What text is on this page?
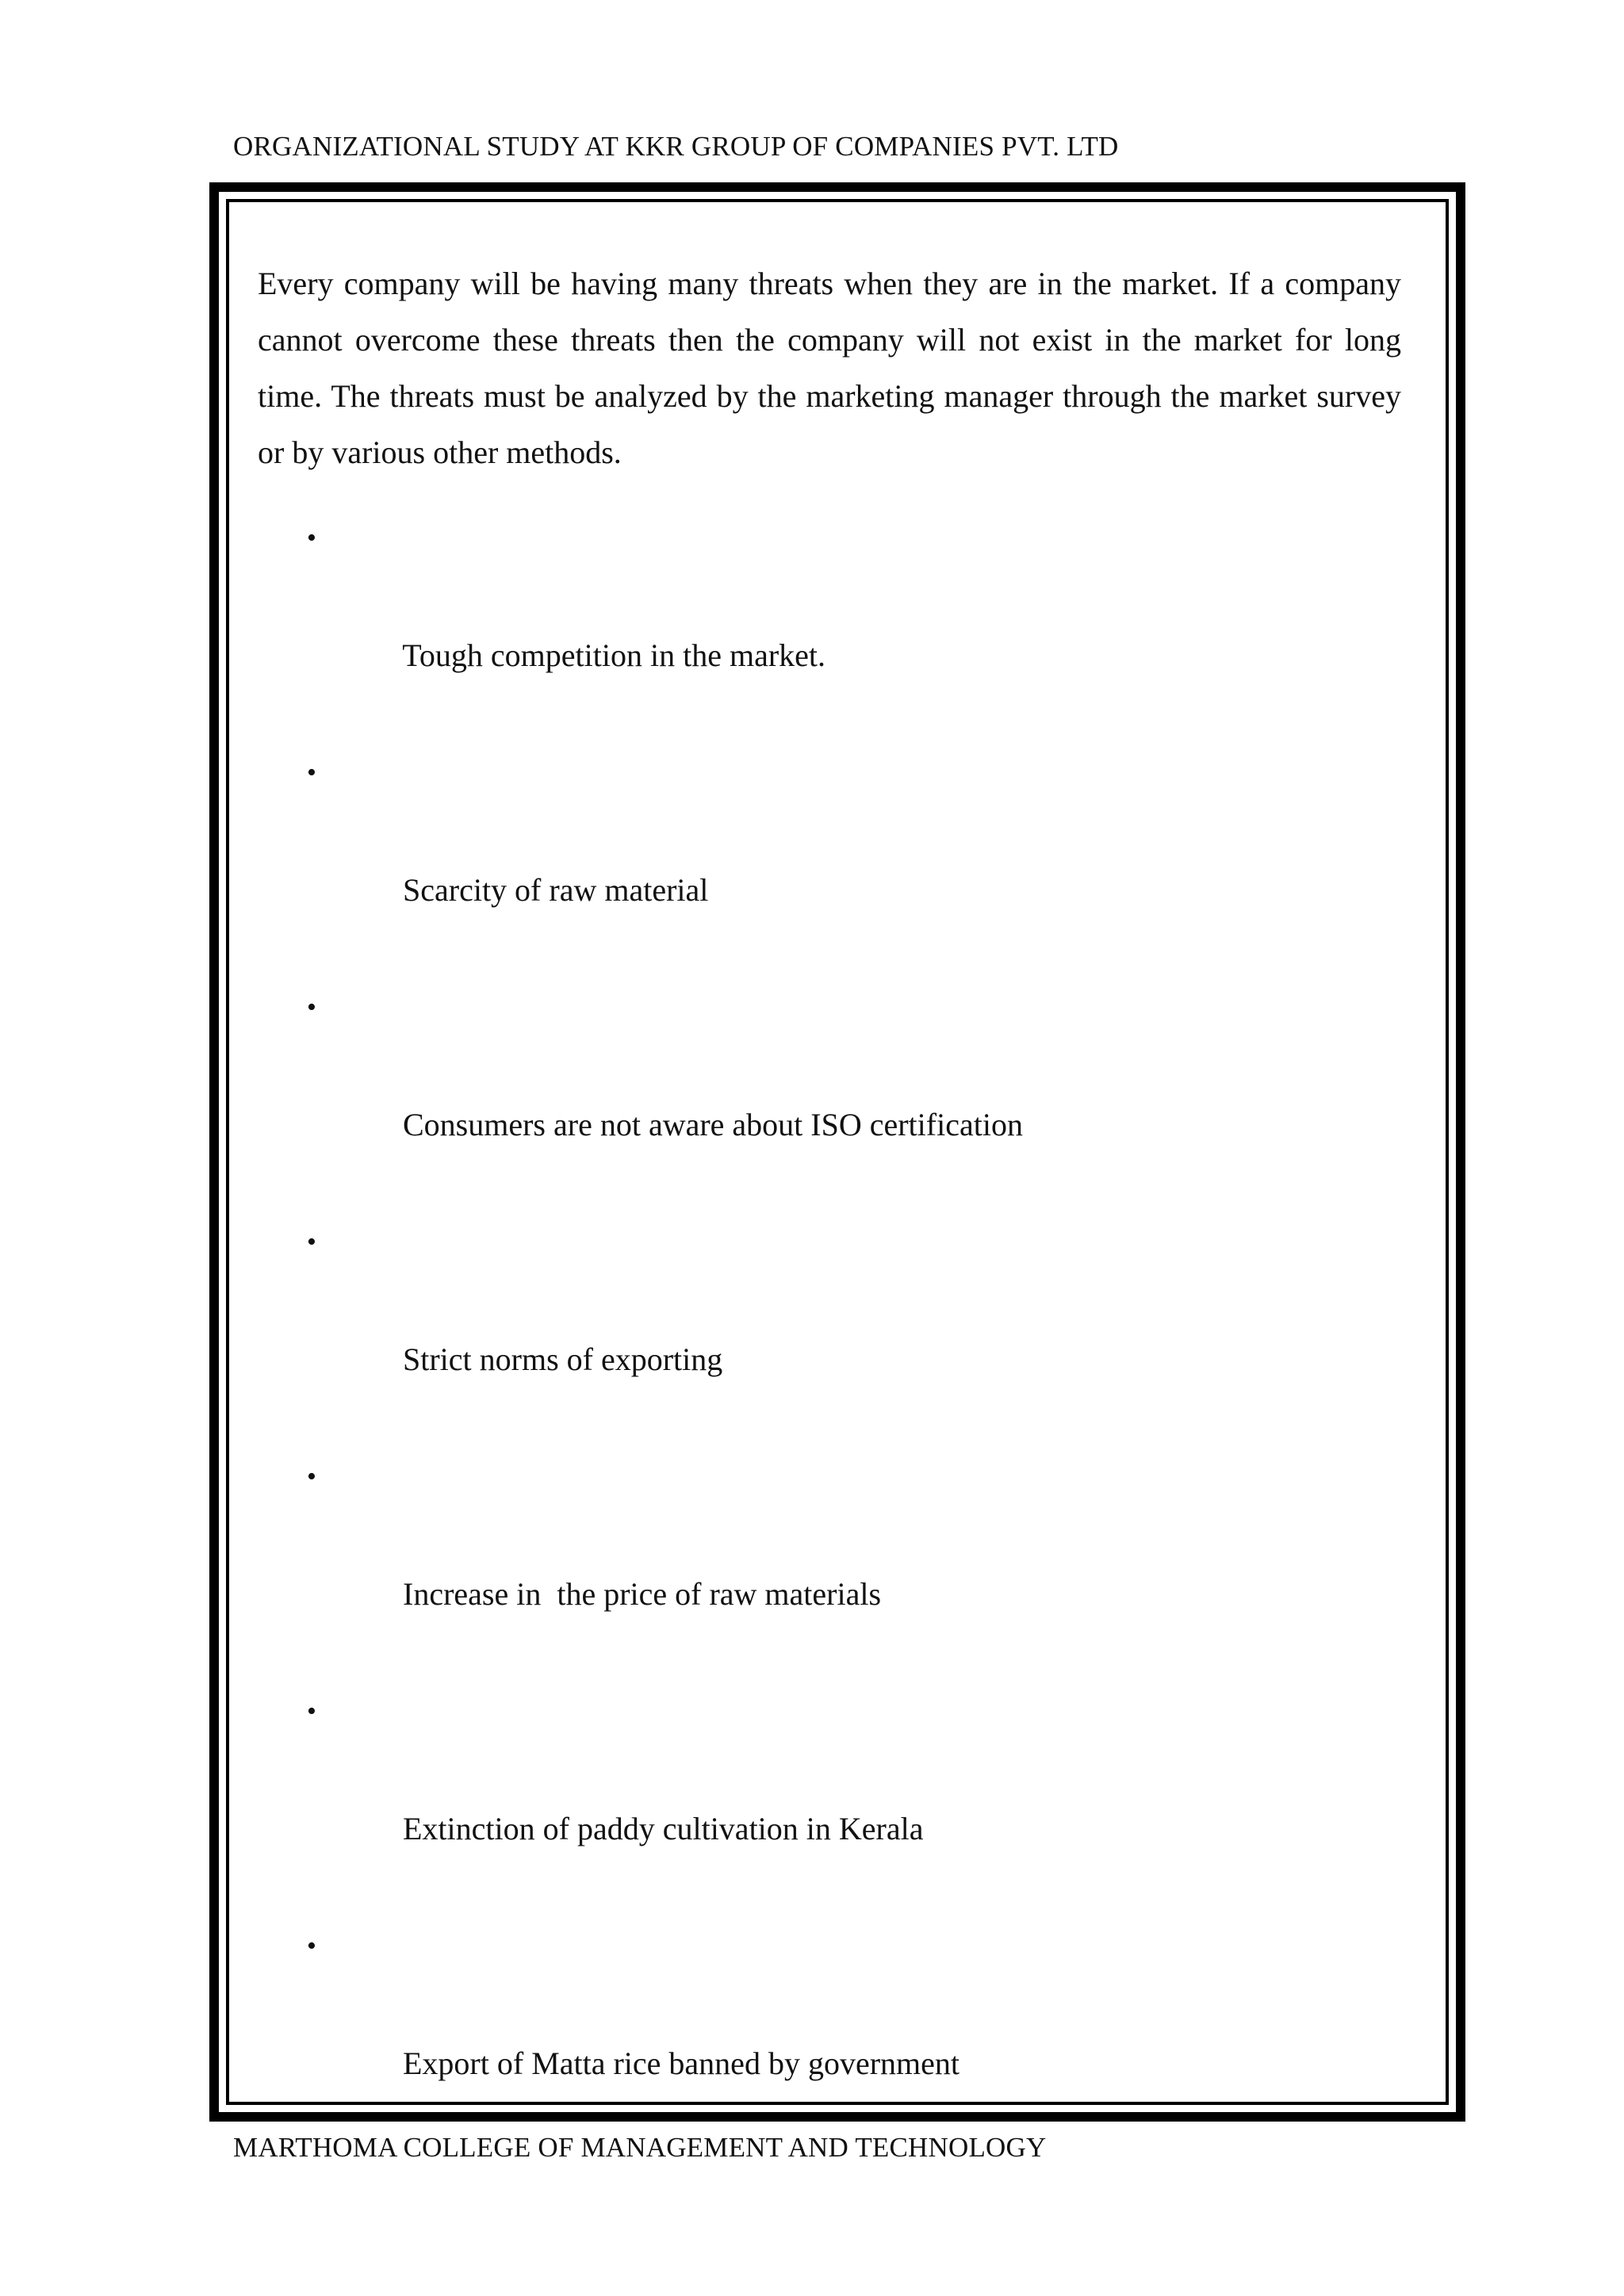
ORGANIZATIONAL STUDY AT KKR GROUP OF COMPANIES PVT. LTD

Every company will be having many threats when they are in the market. If a company cannot overcome these threats then the company will not exist in the market for long time. The threats must be analyzed by the marketing manager through the market survey or by various other methods.

•

Tough competition in the market.

•

Scarcity of raw material

•

Consumers are not aware about ISO certification

•

Strict norms of exporting

•

Increase in  the price of raw materials

•

Extinction of paddy cultivation in Kerala

•

Export of Matta rice banned by government

MARTHOMA COLLEGE OF MANAGEMENT AND TECHNOLOGY
